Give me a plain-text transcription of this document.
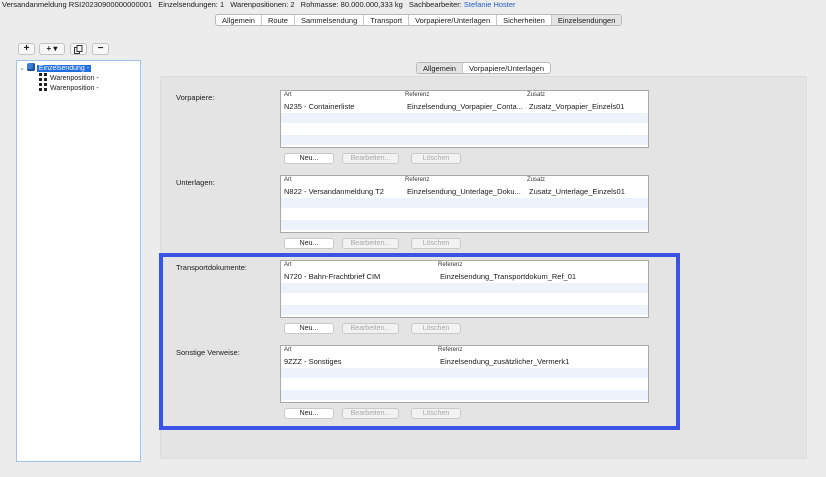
Versandanmeldung RSI20230900000000001 Einzelsendungen: 1 Warenpositionen: 2 Rohmasse: 80.000.000,333 kg Sachbearbeiter: Stefanie Hoster
Allgemein	Route	Sammelsendung	Transport	Vorpapiere/Unterlagen	Sicherheiten	Einzelsendungen
+	+ ▾	−
⌄ Einzelsendung -
Warenposition -
Warenposition -
Allgemein	Vorpapiere/Unterlagen
Vorpapiere:	Art	Referenz	Zusatz
N235 - Containerliste	Einzelsendung_Vorpapier_Conta... Zusatz_Vorpapier_Einzels01
Neu...	Bearbeiten...	Löschen
Unterlagen:	Art	Referenz	Zusatz
N822 - Versandanmeldung T2	Einzelsendung_Unterlage_Doku...	Zusatz_Unterlage_Einzels01
Neu...	Bearbeiten...	Löschen
Transportdokumente:	Art	Referenz
N720 - Bahn-Frachtbrief CIM	Einzelsendung_Transportdokum_Ref_01
Neu...	Bearbeiten...	Löschen
Sonstige Verweise:	Art	Referenz
9ZZZ - Sonstiges	Einzelsendung_zusätzlicher_Vermerk1
Neu...	Bearbeiten...	Löschen
